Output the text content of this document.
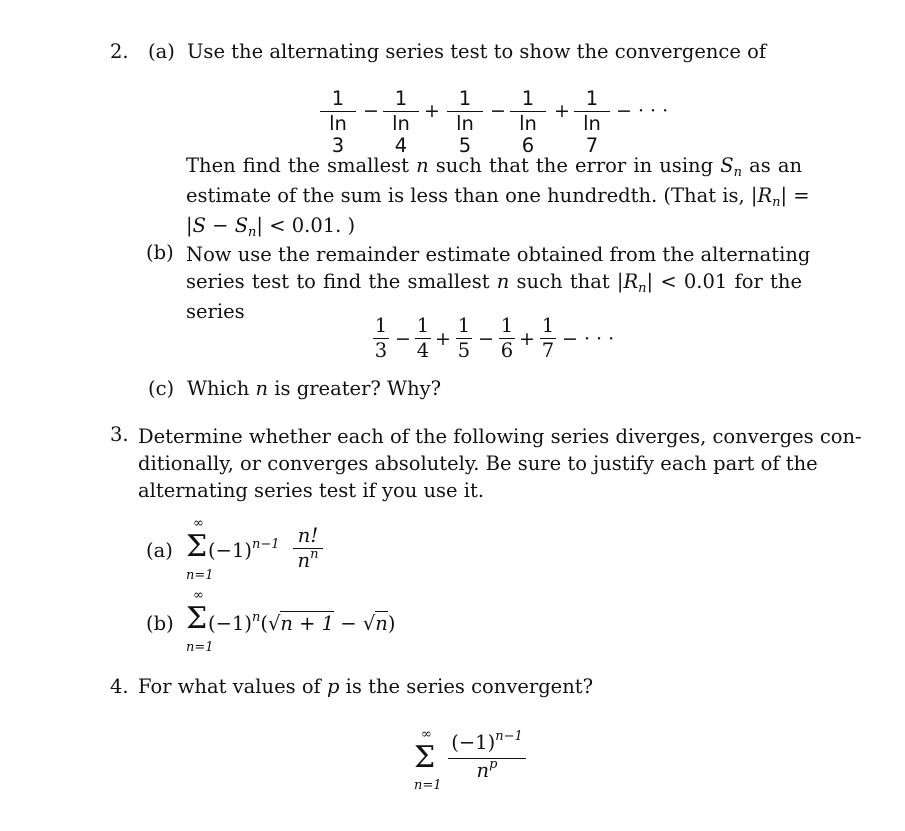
2. (a) Use the alternating series test to show the convergence of
1
ln 3
−
1
ln 4
+
1
ln 5
−
1
ln 6
+
1
ln 7
− · · ·
Then find the smallest n such that the error in using $S_n$ as an
estimate of the sum is less than one hundredth. (That is, $|R_n|$ =
$|S - S_n| < 0.01$. )
(b) Now use the remainder estimate obtained from the alternating
series test to find the smallest n such that $|R_n| < 0.01$ for the
series
1
3 −
1
4 +
1
5 −
1
6 +
1
7 − · · ·
(c) Which n is greater? Why?
3. Determine whether each of the following series diverges, converges con-
ditionally, or converges absolutely. Be sure to justify each part of the
alternating series test if you use it.
(a)
∞
Σ
n=1
$(-1)^{n-1}$ n!
$n^n$
(b)
∞
Σ
n=1
$(-1)^n(√n + 1 - √n)$
4. For what values of p is the series convergent?
∞
Σ
n=1
$(-1)^{n-1}$
$n^p$
